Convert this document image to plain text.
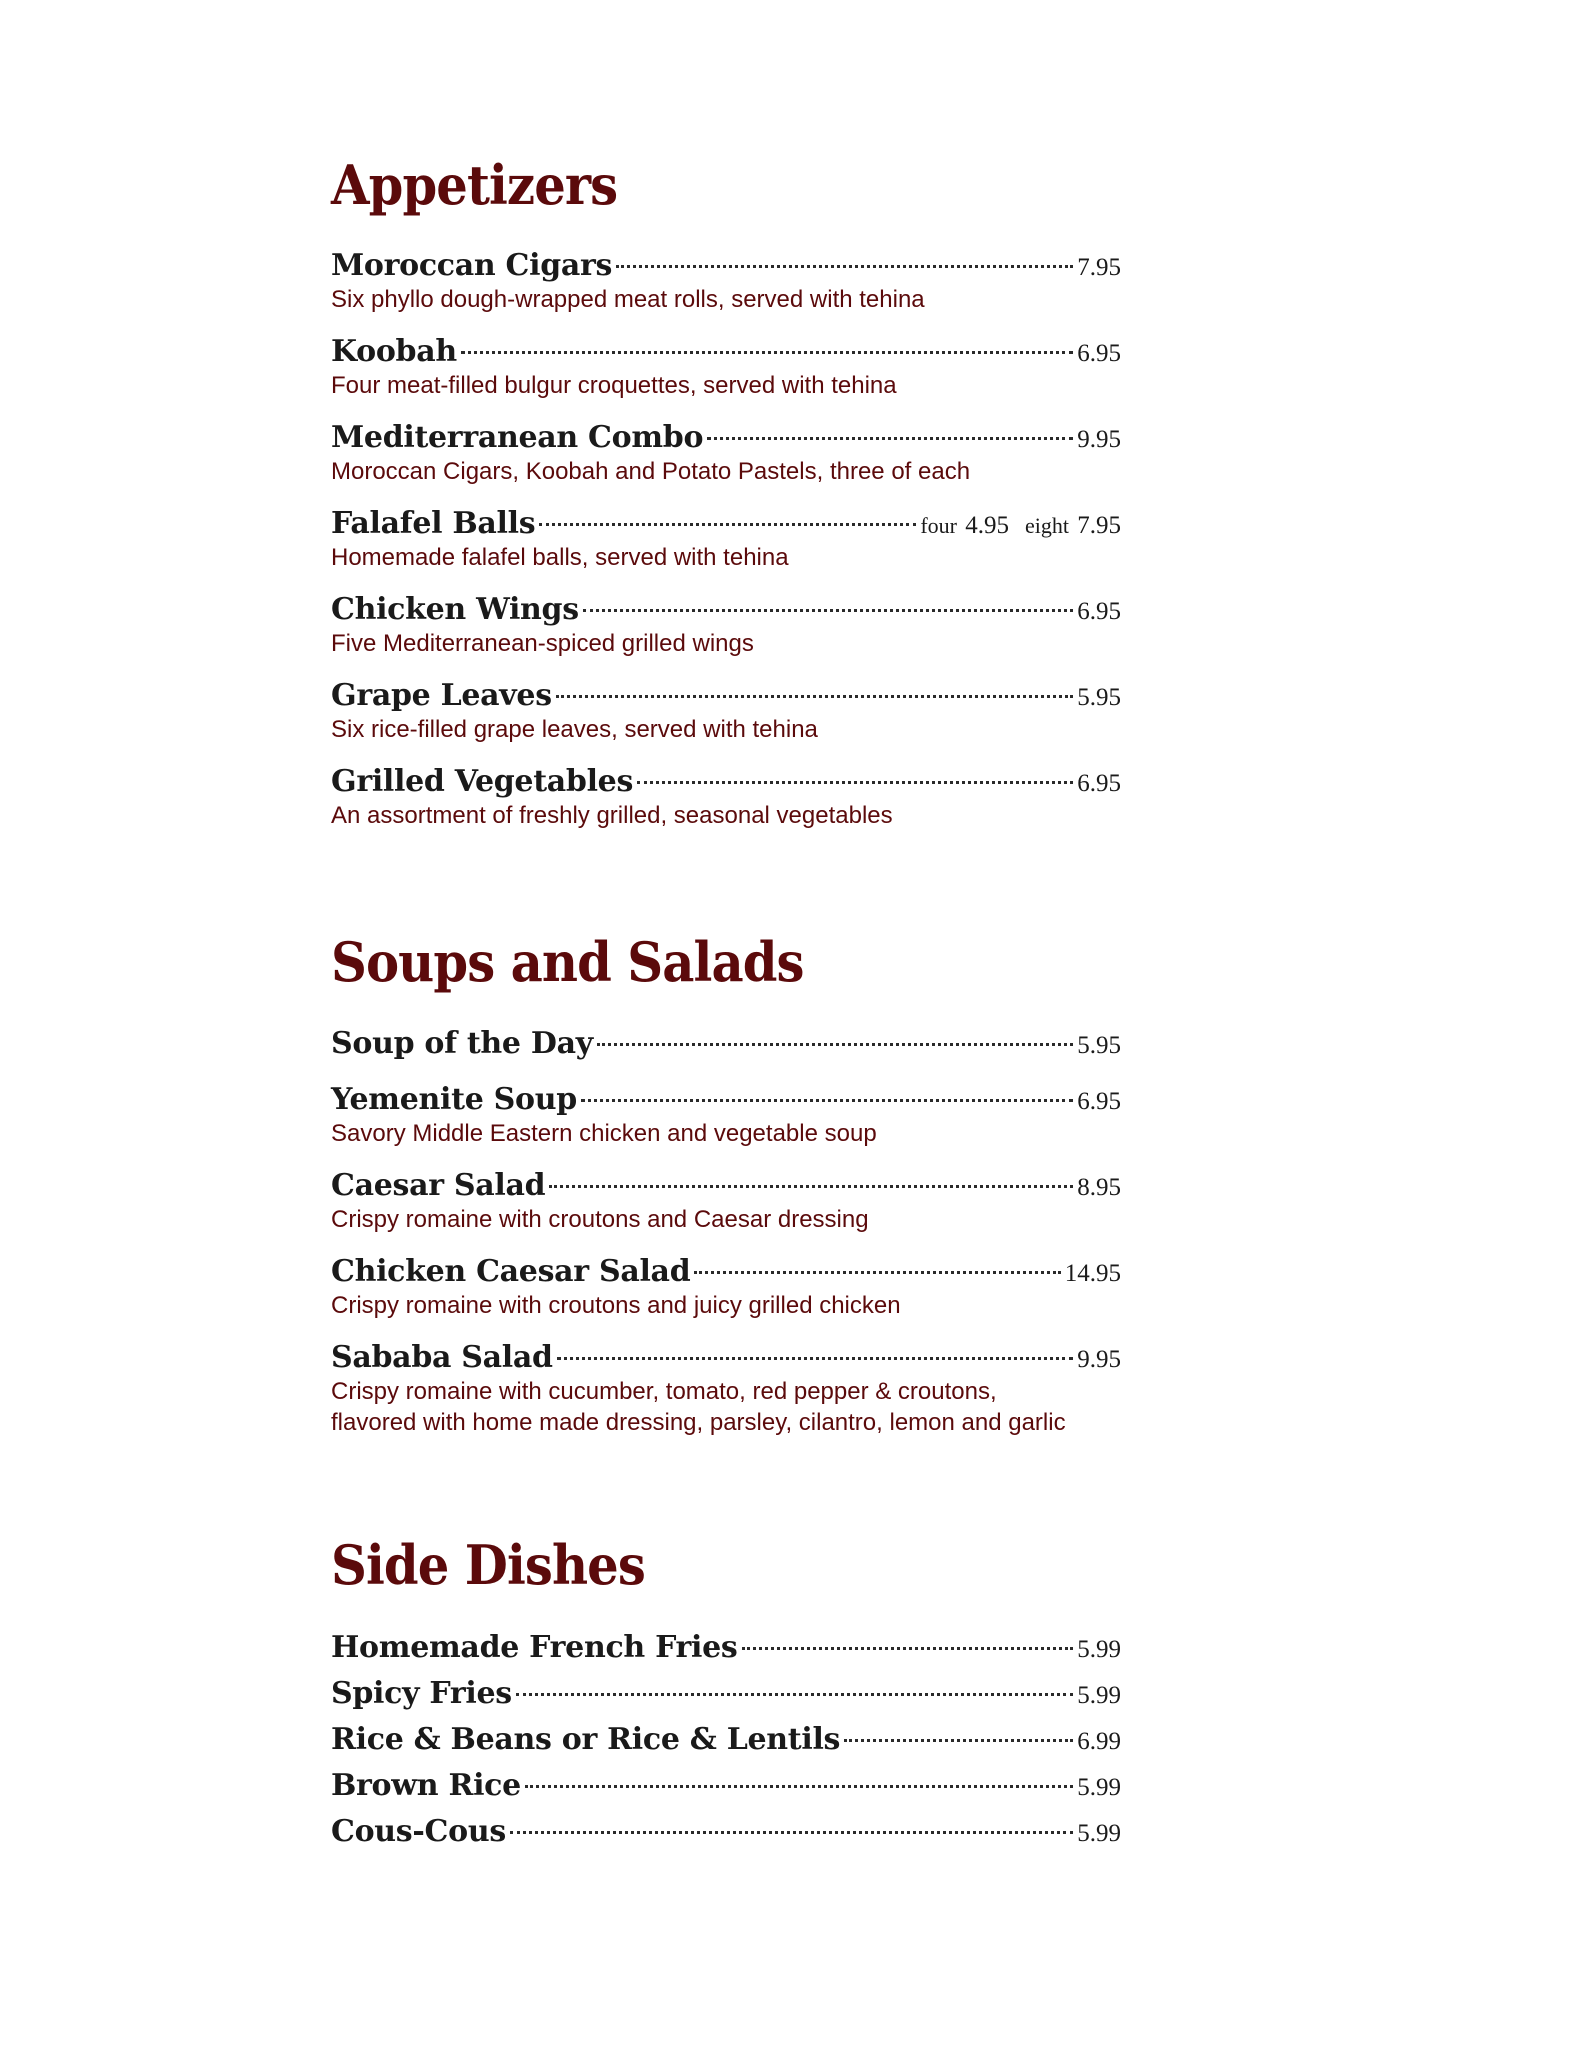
Appetizers
Moroccan Cigars	7.95
Six phyllo dough-wrapped meat rolls, served with tehina
Koobah	6.95
Four meat-filled bulgur croquettes, served with tehina
Mediterranean Combo	9.95
Moroccan Cigars, Koobah and Potato Pastels, three of each
Falafel Balls	four 4.95 eight 7.95
Homemade falafel balls, served with tehina
Chicken Wings	6.95
Five Mediterranean-spiced grilled wings
Grape Leaves	5.95
Six rice-filled grape leaves, served with tehina
Grilled Vegetables	6.95
An assortment of freshly grilled, seasonal vegetables
Soups and Salads
Soup of the Day	5.95
Yemenite Soup	6.95
Savory Middle Eastern chicken and vegetable soup
Caesar Salad	8.95
Crispy romaine with croutons and Caesar dressing
Chicken Caesar Salad	14.95
Crispy romaine with croutons and juicy grilled chicken
Sababa Salad	9.95
Crispy romaine with cucumber, tomato, red pepper & croutons,
flavored with home made dressing, parsley, cilantro, lemon and garlic
Side Dishes
Homemade French Fries	5.99
Spicy Fries	5.99
Rice & Beans or Rice & Lentils	6.99
Brown Rice	5.99
Cous-Cous	5.99
